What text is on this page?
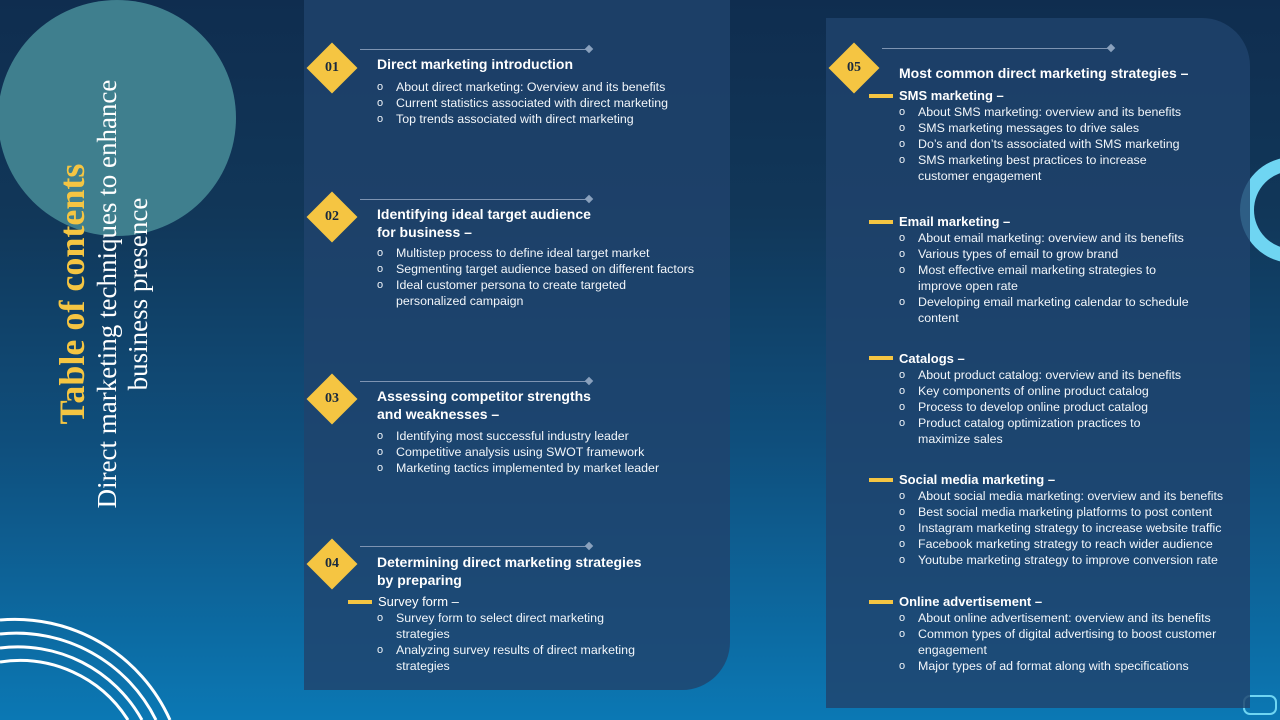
Table of contents Direct marketing techniques to enhance business presence
01	Direct marketing introduction
o About direct marketing: Overview and its benefits
o Current statistics associated with direct marketing
o Top trends associated with direct marketing
02	Identifying ideal target audience
for business –
o Multistep process to define ideal target market
o Segmenting target audience based on different factors
o Ideal customer persona to create targeted
personalized campaign
03	Assessing competitor strengths
and weaknesses –
o Identifying most successful industry leader
o Competitive analysis using SWOT framework
o Marketing tactics implemented by market leader
04	Determining direct marketing strategies
by preparing
Survey form –
o Survey form to select direct marketing
strategies
o Analyzing survey results of direct marketing
strategies
05	Most common direct marketing strategies –
SMS marketing –
o About SMS marketing: overview and its benefits
o SMS marketing messages to drive sales
o Do’s and don’ts associated with SMS marketing
o SMS marketing best practices to increase
customer engagement
Email marketing –
o About email marketing: overview and its benefits
o Various types of email to grow brand
o Most effective email marketing strategies to
improve open rate
o Developing email marketing calendar to schedule
content
Catalogs –
o About product catalog: overview and its benefits
o Key components of online product catalog
o Process to develop online product catalog
o Product catalog optimization practices to
maximize sales
Social media marketing –
o About social media marketing: overview and its benefits
o Best social media marketing platforms to post content
o Instagram marketing strategy to increase website traffic
o Facebook marketing strategy to reach wider audience
o Youtube marketing strategy to improve conversion rate
Online advertisement –
o About online advertisement: overview and its benefits
o Common types of digital advertising to boost customer
engagement
o Major types of ad format along with specifications
